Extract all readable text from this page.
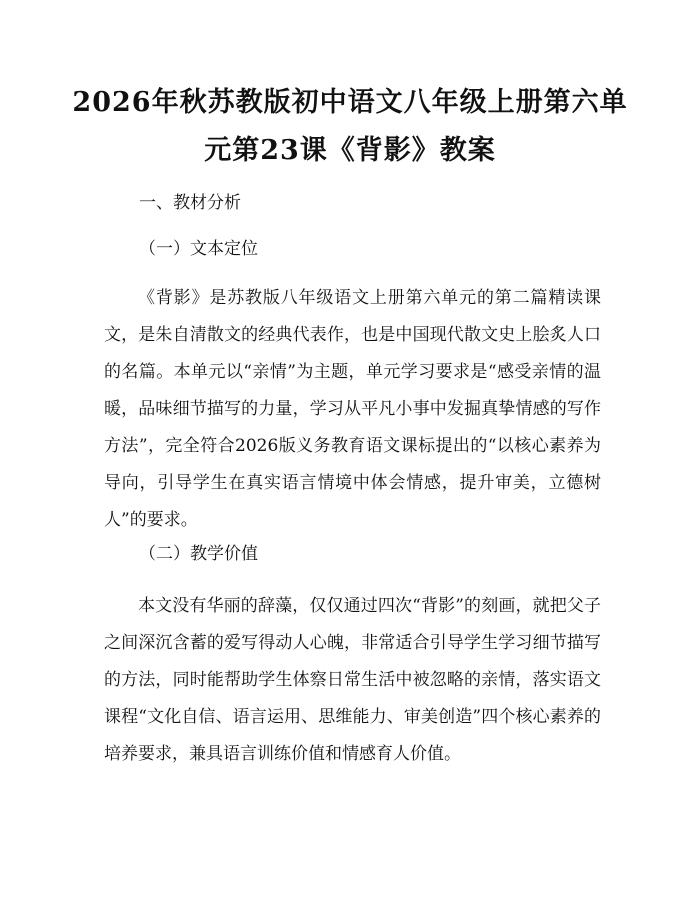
2026年秋苏教版初中语文八年级上册第六单
元第23课《背影》教案
一、教材分析
（一）文本定位

《背影》是苏教版八年级语文上册第六单元的第二篇精读课文，是朱自清散文的经典代表作，也是中国现代散文史上脍炙人口的名篇。本单元以“亲情”为主题，单元学习要求是“感受亲情的温暖，品味细节描写的力量，学习从平凡小事中发掘真挚情感的写作方法”，完全符合2026版义务教育语文课标提出的“以核心素养为导向，引导学生在真实语言情境中体会情感，提升审美，立德树人”的要求。

（二）教学价值

本文没有华丽的辞藻，仅仅通过四次“背影”的刻画，就把父子之间深沉含蓄的爱写得动人心魄，非常适合引导学生学习细节描写的方法，同时能帮助学生体察日常生活中被忽略的亲情，落实语文课程“文化自信、语言运用、思维能力、审美创造”四个核心素养的培养要求，兼具语言训练价值和情感育人价值。
